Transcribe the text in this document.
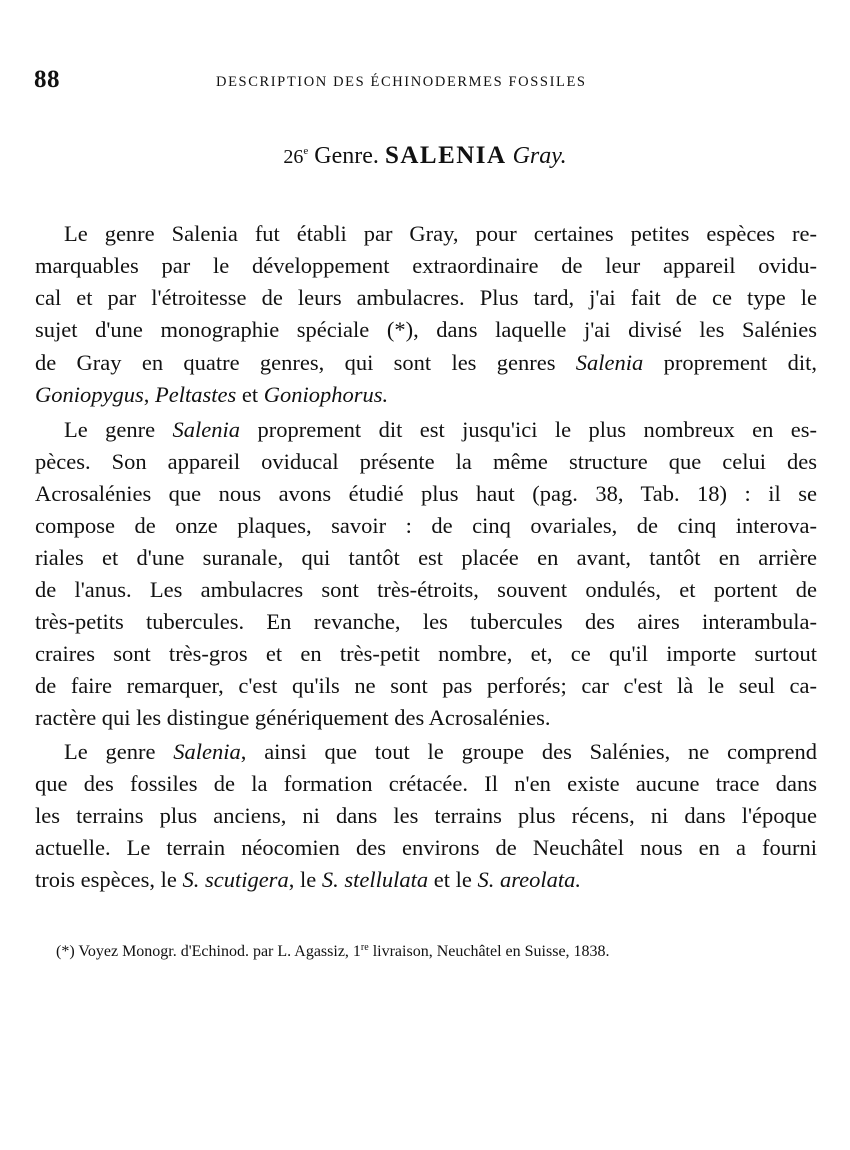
88	DESCRIPTION DES ÉCHINODERMES FOSSILES
26e Genre. SALENIA Gray.
Le genre Salenia fut établi par Gray, pour certaines petites espèces re-
marquables par le développement extraordinaire de leur appareil ovidu-
cal et par l'étroitesse de leurs ambulacres. Plus tard, j'ai fait de ce type le
sujet d'une monographie spéciale (*), dans laquelle j'ai divisé les Salénies
de Gray en quatre genres, qui sont les genres Salenia proprement dit,
Goniopygus, Peltastes et Goniophorus.
Le genre Salenia proprement dit est jusqu'ici le plus nombreux en es-
pèces. Son appareil oviducal présente la même structure que celui des
Acrosalénies que nous avons étudié plus haut (pag. 38, Tab. 18) : il se
compose de onze plaques, savoir : de cinq ovariales, de cinq interova-
riales et d'une suranale, qui tantôt est placée en avant, tantôt en arrière
de l'anus. Les ambulacres sont très-étroits, souvent ondulés, et portent de
très-petits tubercules. En revanche, les tubercules des aires interambula-
craires sont très-gros et en très-petit nombre, et, ce qu'il importe surtout
de faire remarquer, c'est qu'ils ne sont pas perforés; car c'est là le seul ca-
ractère qui les distingue génériquement des Acrosalénies.
Le genre Salenia, ainsi que tout le groupe des Salénies, ne comprend
que des fossiles de la formation crétacée. Il n'en existe aucune trace dans
les terrains plus anciens, ni dans les terrains plus récens, ni dans l'époque
actuelle. Le terrain néocomien des environs de Neuchâtel nous en a fourni
trois espèces, le S. scutigera, le S. stellulata et le S. areolata.
(*) Voyez Monogr. d'Echinod. par L. Agassiz, 1re livraison, Neuchâtel en Suisse, 1838.
